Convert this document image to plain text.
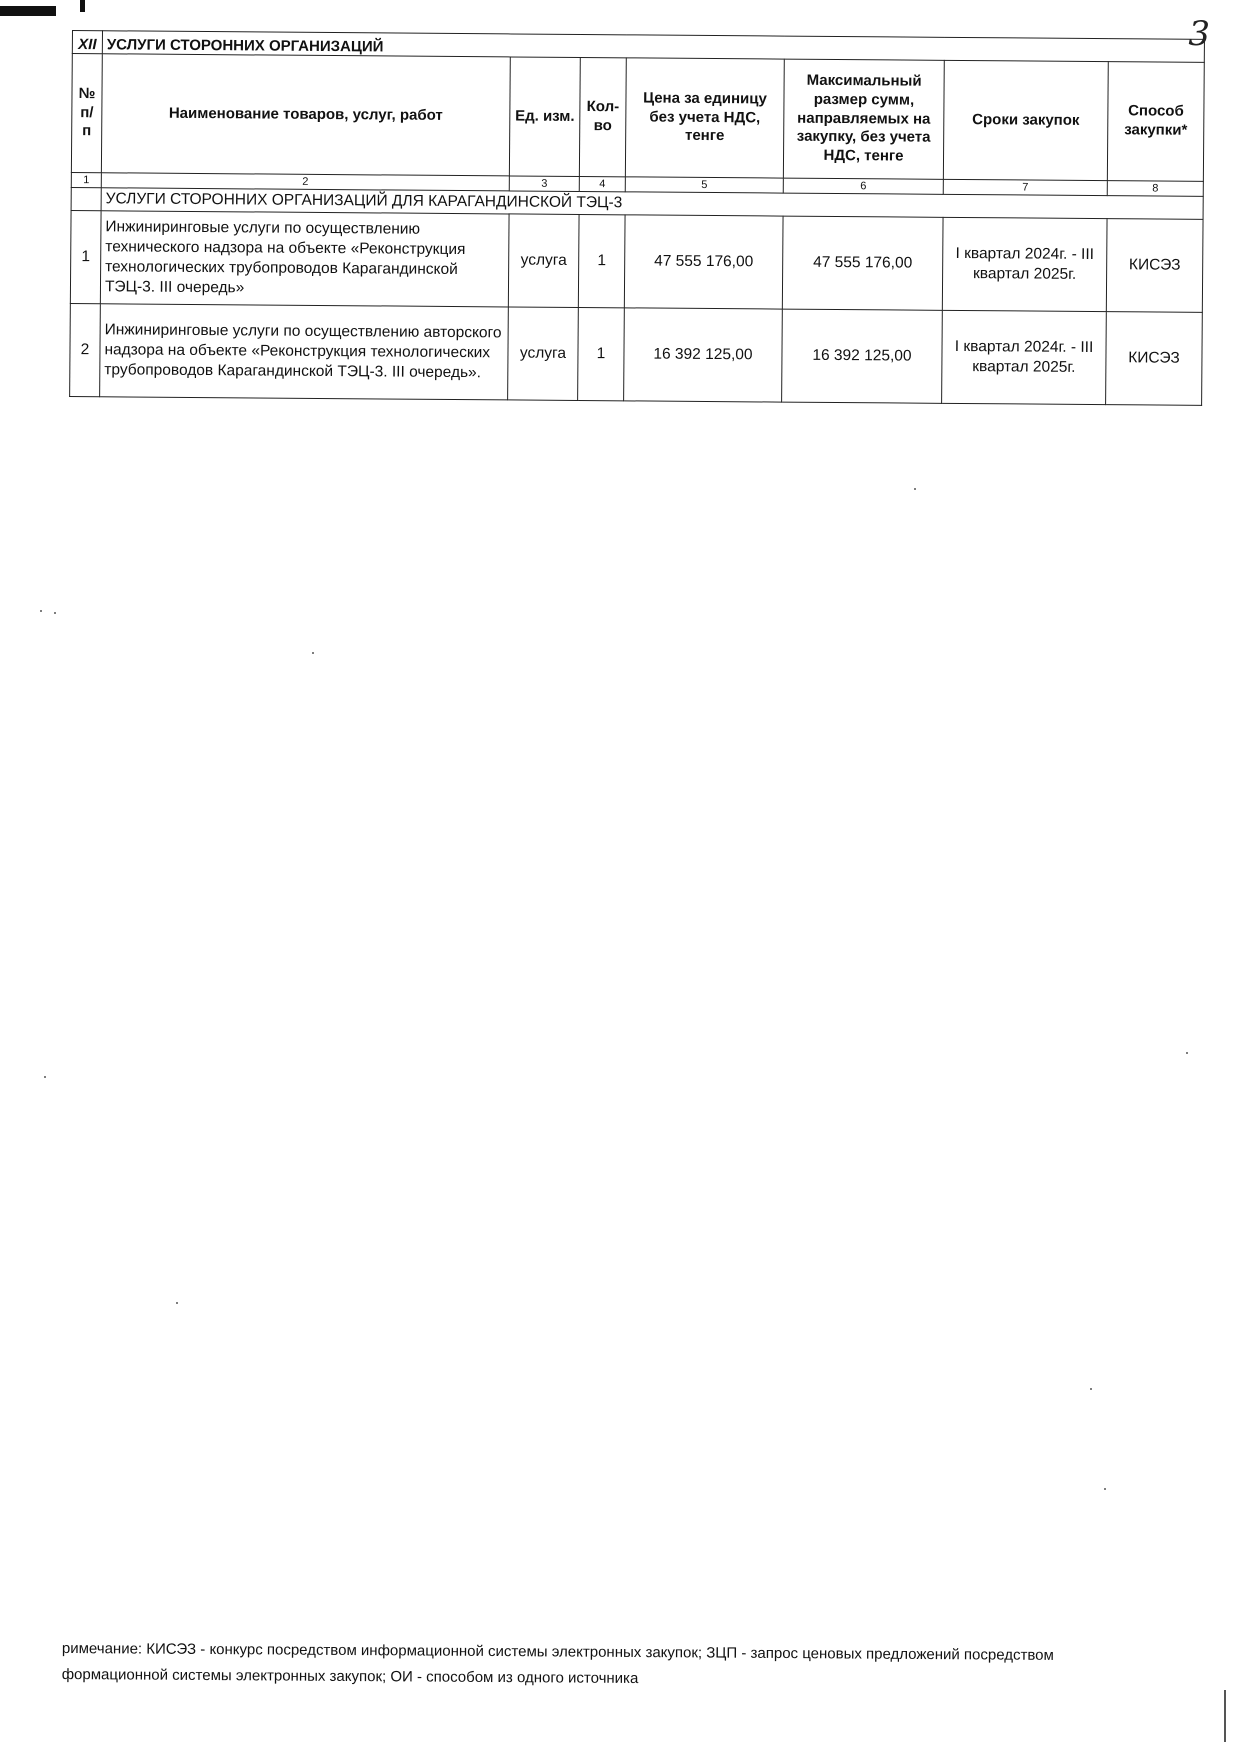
3
XII	УСЛУГИ СТОРОННИХ ОРГАНИЗАЦИЙ						
№ п/п	Наименование товаров, услуг, работ	Ед. изм.	Кол-во	Цена за единицу без учета НДС, тенге	Максимальный размер сумм, направляемых на закупку, без учета НДС, тенге	Сроки закупок	Способ закупки*
1	2	3	4	5	6	7	8
	УСЛУГИ СТОРОННИХ ОРГАНИЗАЦИЙ ДЛЯ КАРАГАНДИНСКОЙ ТЭЦ-3						
1	Инжиниринговые услуги по осуществлению технического надзора на объекте «Реконструкция технологических трубопроводов Карагандинской ТЭЦ-3. III очередь»	услуга	1	47 555 176,00	47 555 176,00	I квартал 2024г. - III квартал 2025г.	КИСЭЗ
2	Инжиниринговые услуги по осуществлению авторского надзора на объекте «Реконструкция технологических трубопроводов Карагандинской ТЭЦ-3. III очередь».	услуга	1	16 392 125,00	16 392 125,00	I квартал 2024г. - III квартал 2025г.	КИСЭЗ
римечание: КИСЭЗ - конкурс посредством информационной системы электронных закупок; ЗЦП - запрос ценовых предложений посредством
формационной системы электронных закупок; ОИ - способом из одного источника
